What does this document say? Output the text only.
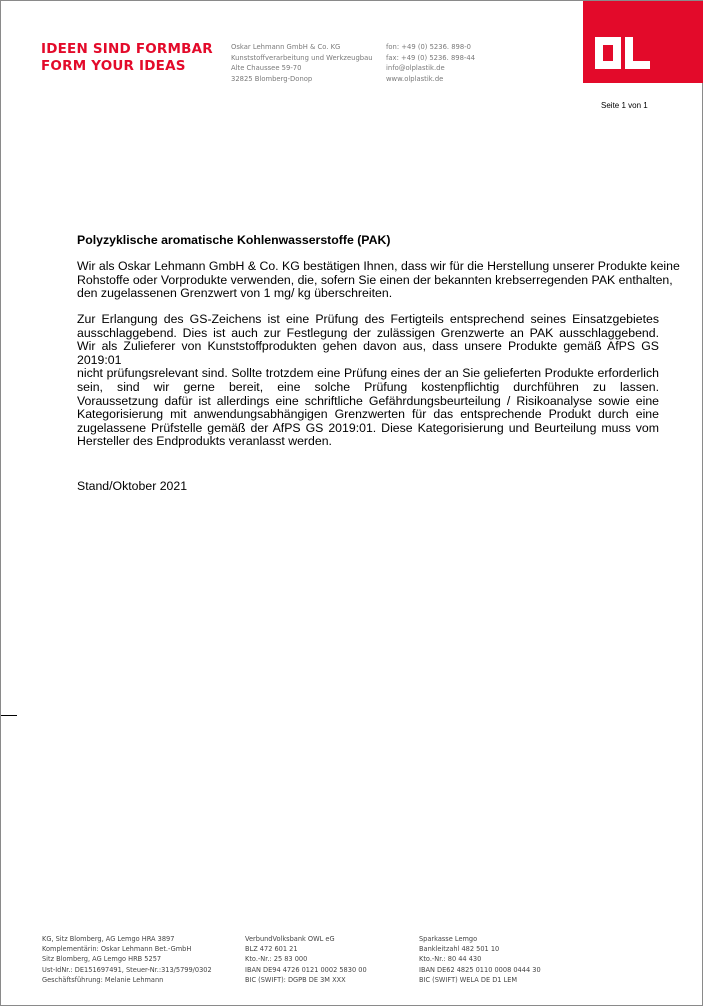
IDEEN SIND FORMBAR
FORM YOUR IDEAS
Oskar Lehmann GmbH & Co. KG
Kunststoffverarbeitung und Werkzeugbau
Alte Chaussee 59-70
32825 Blomberg-Donop
fon: +49 (0) 5236. 898-0
fax: +49 (0) 5236. 898-44
info@olplastik.de
www.olplastik.de
Seite 1 von 1
Polyzyklische aromatische Kohlenwasserstoffe (PAK)
Wir als Oskar Lehmann GmbH & Co. KG bestätigen Ihnen, dass wir für die Herstellung unserer Produkte keine
Rohstoffe oder Vorprodukte verwenden, die, sofern Sie einen der bekannten krebserregenden PAK enthalten,
den zugelassenen Grenzwert von 1 mg/ kg überschreiten.
Zur Erlangung des GS-Zeichens ist eine Prüfung des Fertigteils entsprechend seines Einsatzgebietes
ausschlaggebend. Dies ist auch zur Festlegung der zulässigen Grenzwerte an PAK ausschlaggebend.
Wir als Zulieferer von Kunststoffprodukten gehen davon aus, dass unsere Produkte gemäß AfPS GS 2019:01
nicht prüfungsrelevant sind. Sollte trotzdem eine Prüfung eines der an Sie gelieferten Produkte erforderlich
sein, sind wir gerne bereit, eine solche Prüfung kostenpflichtig durchführen zu lassen.
Voraussetzung dafür ist allerdings eine schriftliche Gefährdungsbeurteilung / Risikoanalyse sowie eine
Kategorisierung mit anwendungsabhängigen Grenzwerten für das entsprechende Produkt durch eine
zugelassene Prüfstelle gemäß der AfPS GS 2019:01. Diese Kategorisierung und Beurteilung muss vom
Hersteller des Endprodukts veranlasst werden.
Stand/Oktober 2021
KG, Sitz Blomberg, AG Lemgo HRA 3897
Komplementärin: Oskar Lehmann Bet.-GmbH
Sitz Blomberg, AG Lemgo HRB 5257
Ust-IdNr.: DE151697491, Steuer-Nr.:313/5799/0302
Geschäftsführung: Melanie Lehmann
VerbundVolksbank OWL eG
BLZ 472 601 21
Kto.-Nr.: 25 83 000
IBAN DE94 4726 0121 0002 5830 00
BIC (SWIFT): DGPB DE 3M XXX
Sparkasse Lemgo
Bankleitzahl 482 501 10
Kto.-Nr.: 80 44 430
IBAN DE62 4825 0110 0008 0444 30
BIC (SWIFT) WELA DE D1 LEM
